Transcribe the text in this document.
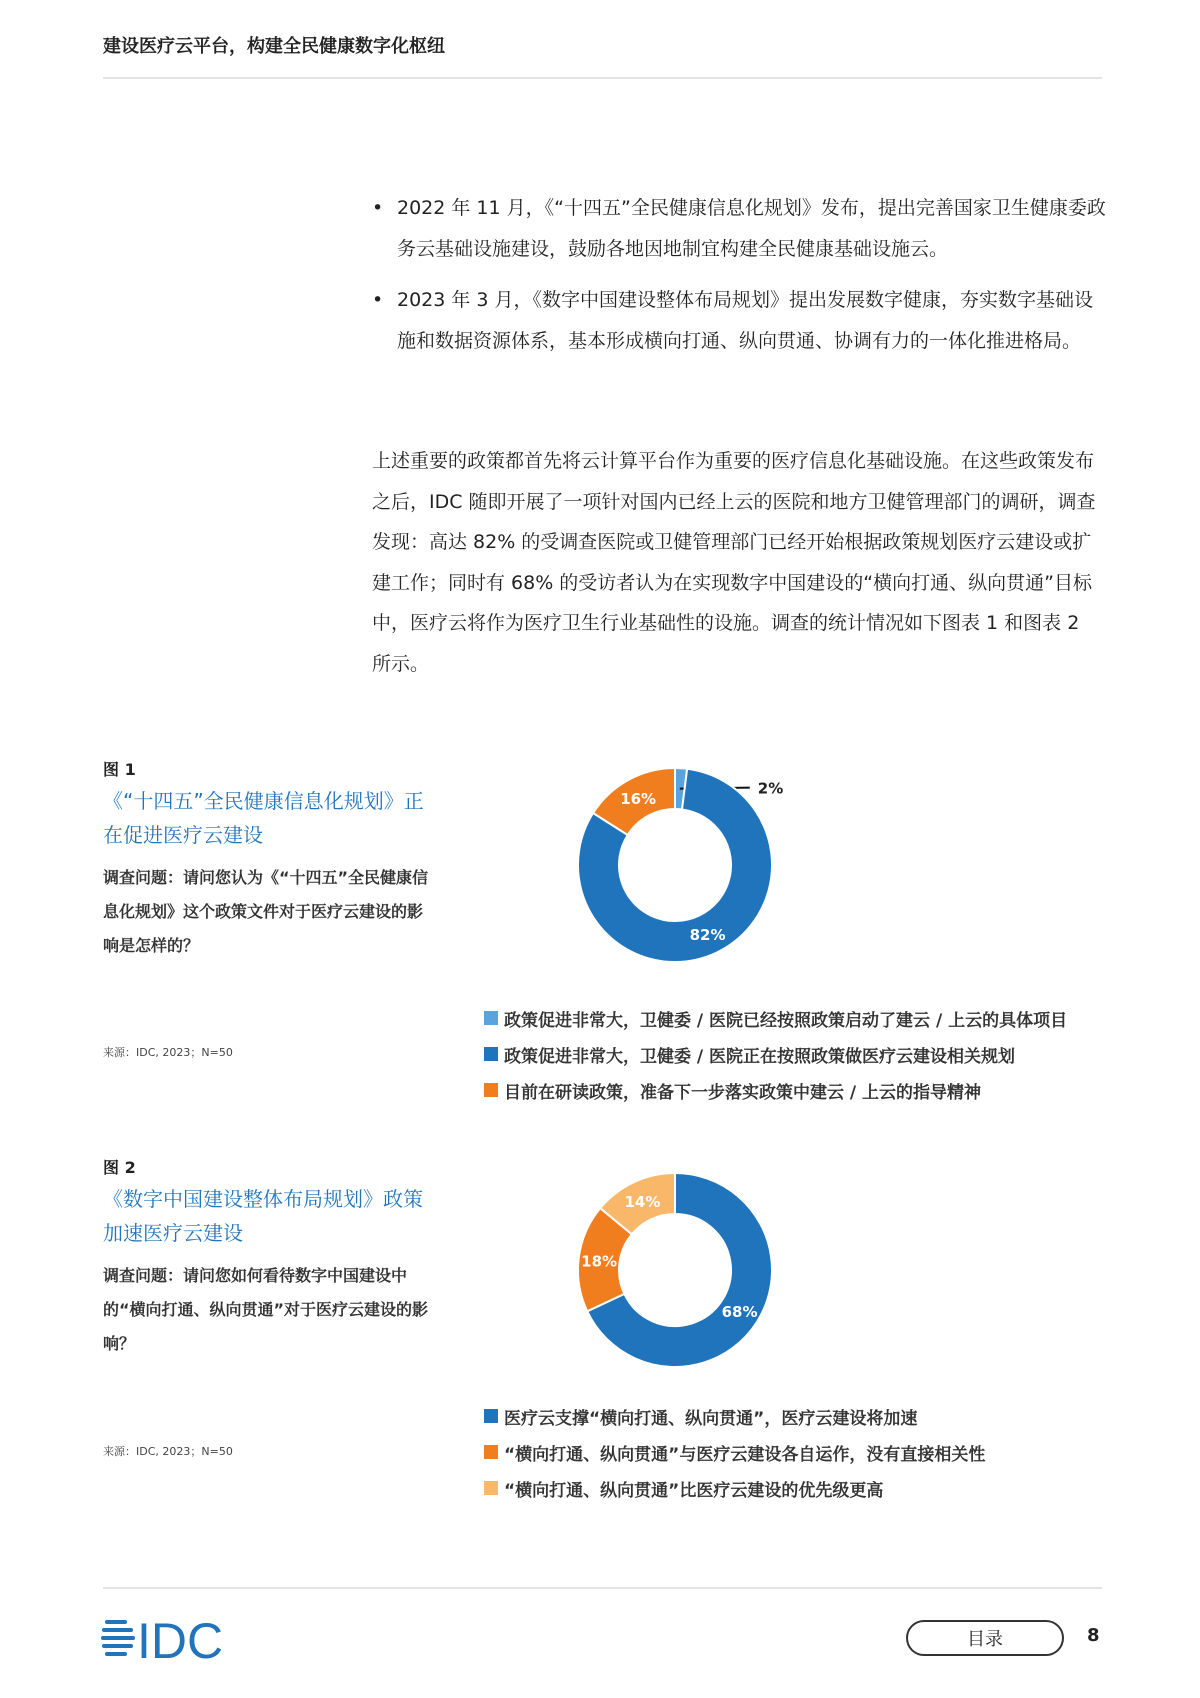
建设医疗云平台，构建全民健康数字化枢纽
• 2022 年 11 月，《“十四五”全民健康信息化规划》发布，提出完善国家卫生健康委政务云基础设施建设，鼓励各地因地制宜构建全民健康基础设施云。
• 2023 年 3 月，《数字中国建设整体布局规划》提出发展数字健康，夯实数字基础设施和数据资源体系，基本形成横向打通、纵向贯通、协调有力的一体化推进格局。

上述重要的政策都首先将云计算平台作为重要的医疗信息化基础设施。在这些政策发布之后，IDC 随即开展了一项针对国内已经上云的医院和地方卫健管理部门的调研，调查发现：高达 82% 的受调查医院或卫健管理部门已经开始根据政策规划医疗云建设或扩建工作；同时有 68% 的受访者认为在实现数字中国建设的“横向打通、纵向贯通”目标中，医疗云将作为医疗卫生行业基础性的设施。调查的统计情况如下图表 1 和图表 2 所示。

图 1
《“十四五”全民健康信息化规划》正在促进医疗云建设
调查问题：请问您认为《“十四五”全民健康信息化规划》这个政策文件对于医疗云建设的影响是怎样的？
来源：IDC, 2023；N=50
2%
82%
16%
政策促进非常大，卫健委 / 医院已经按照政策启动了建云 / 上云的具体项目
政策促进非常大，卫健委 / 医院正在按照政策做医疗云建设相关规划
目前在研读政策，准备下一步落实政策中建云 / 上云的指导精神
图 2
《数字中国建设整体布局规划》政策加速医疗云建设
调查问题：请问您如何看待数字中国建设中的“横向打通、纵向贯通”对于医疗云建设的影响？
来源：IDC, 2023；N=50
68%
18%
14%
医疗云支撑“横向打通、纵向贯通”，医疗云建设将加速
“横向打通、纵向贯通”与医疗云建设各自运作，没有直接相关性
“横向打通、纵向贯通”比医疗云建设的优先级更高
IDC	目录	8
